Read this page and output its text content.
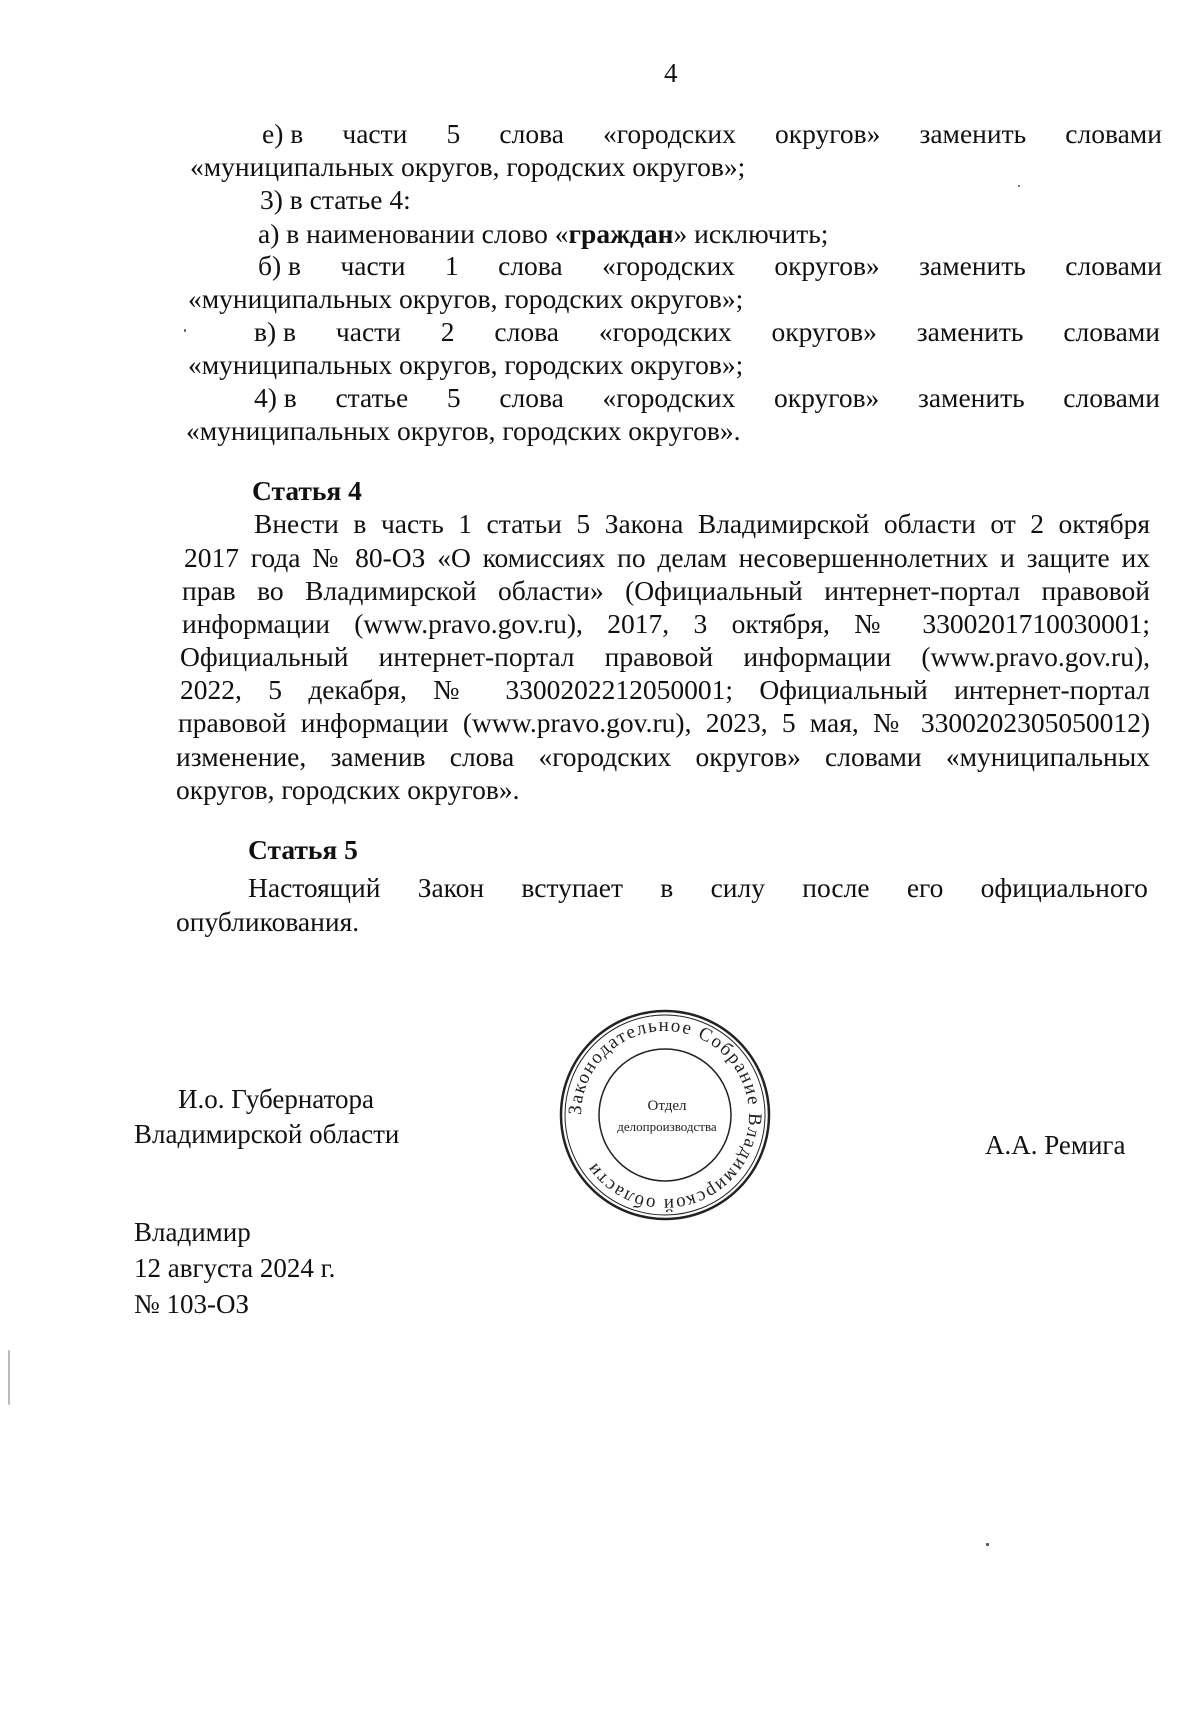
4
е) в части 5 слова «городских округов» заменить словами
«муниципальных округов, городских округов»;
3) в статье 4:
а) в наименовании слово «граждан» исключить;
б) в части 1 слова «городских округов» заменить словами
«муниципальных округов, городских округов»;
в) в части 2 слова «городских округов» заменить словами
«муниципальных округов, городских округов»;
4) в статье 5 слова «городских округов» заменить словами
«муниципальных округов, городских округов».
Статья 4
Внести в часть 1 статьи 5 Закона Владимирской области от 2 октября
2017 года № 80-ОЗ «О комиссиях по делам несовершеннолетних и защите их
прав во Владимирской области» (Официальный интернет-портал правовой
информации (www.pravo.gov.ru), 2017, 3 октября, № 3300201710030001;
Официальный интернет-портал правовой информации (www.pravo.gov.ru),
2022, 5 декабря, № 3300202212050001; Официальный интернет-портал
правовой информации (www.pravo.gov.ru), 2023, 5 мая, № 3300202305050012)
изменение, заменив слова «городских округов» словами «муниципальных
округов, городских округов».
Статья 5
Настоящий Закон вступает в силу после его официального
опубликования.
И.о. Губернатора
Владимирской области	А.А. Ремига
Законодательное Собрание Владимирской области
Отдел
делопроизводства
Владимир
12 августа 2024 г.
№ 103-ОЗ
